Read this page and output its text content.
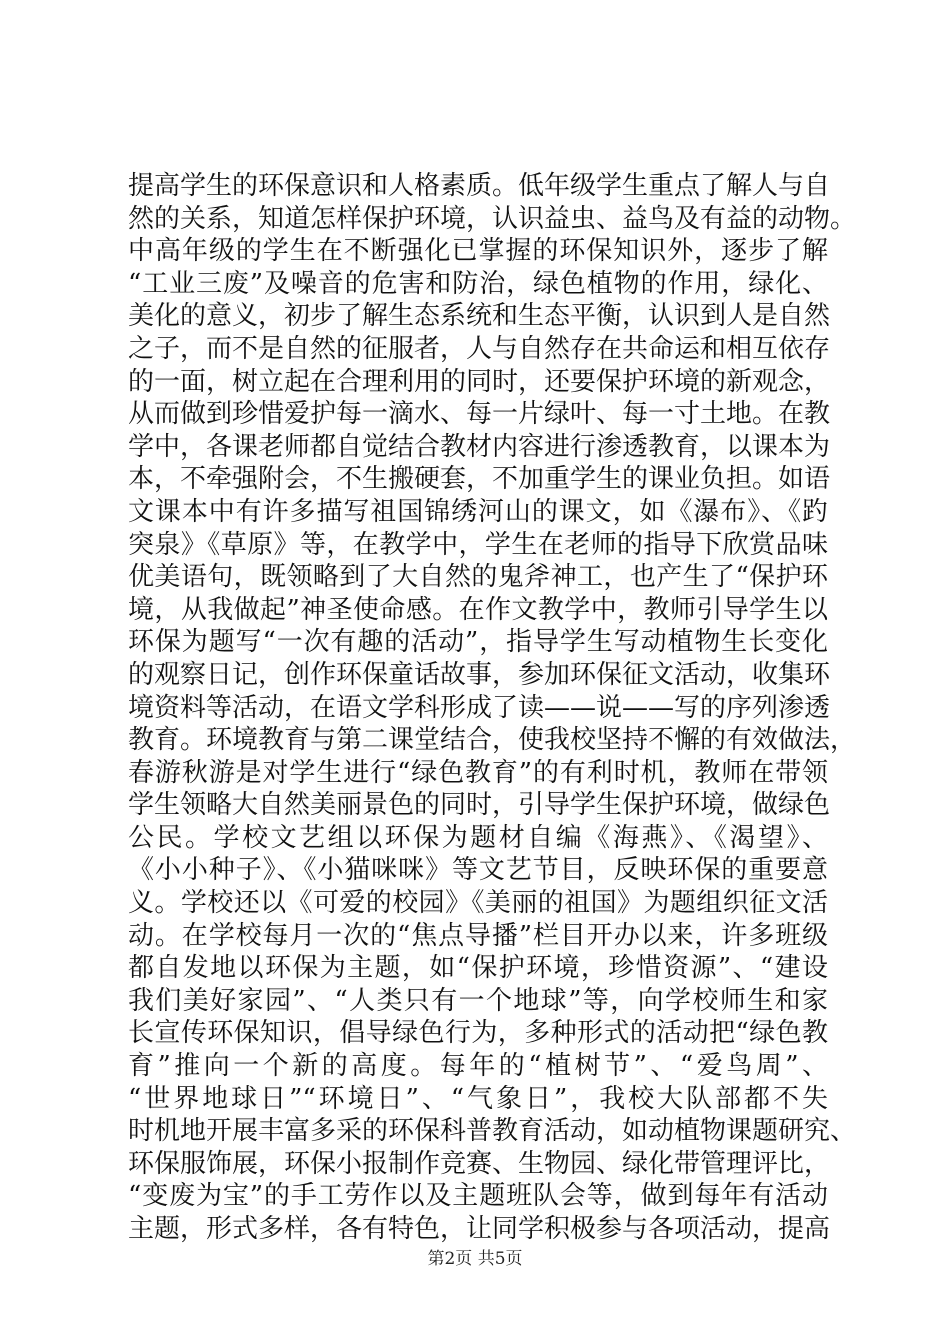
提高学生的环保意识和人格素质。低年级学生重点了解人与自
然的关系，知道怎样保护环境，认识益虫、益鸟及有益的动物。
中高年级的学生在不断强化已掌握的环保知识外，逐步了解
“工业三废”及噪音的危害和防治，绿色植物的作用，绿化、
美化的意义，初步了解生态系统和生态平衡，认识到人是自然
之子，而不是自然的征服者，人与自然存在共命运和相互依存
的一面，树立起在合理利用的同时，还要保护环境的新观念，
从而做到珍惜爱护每一滴水、每一片绿叶、每一寸土地。在教
学中，各课老师都自觉结合教材内容进行渗透教育，以课本为
本，不牵强附会，不生搬硬套，不加重学生的课业负担。如语
文课本中有许多描写祖国锦绣河山的课文，如《瀑布》、《趵
突泉》《草原》等，在教学中，学生在老师的指导下欣赏品味
优美语句，既领略到了大自然的鬼斧神工，也产生了“保护环
境，从我做起”神圣使命感。在作文教学中，教师引导学生以
环保为题写“一次有趣的活动”，指导学生写动植物生长变化
的观察日记，创作环保童话故事，参加环保征文活动，收集环
境资料等活动，在语文学科形成了读——说——写的序列渗透
教育。环境教育与第二课堂结合，使我校坚持不懈的有效做法，
春游秋游是对学生进行“绿色教育”的有利时机，教师在带领
学生领略大自然美丽景色的同时，引导学生保护环境，做绿色
公民。学校文艺组以环保为题材自编《海燕》、《渴望》、
《小小种子》、《小猫咪咪》等文艺节目，反映环保的重要意
义。学校还以《可爱的校园》《美丽的祖国》为题组织征文活
动。在学校每月一次的“焦点导播”栏目开办以来，许多班级
都自发地以环保为主题，如“保护环境，珍惜资源”、“建设
我们美好家园”、“人类只有一个地球”等，向学校师生和家
长宣传环保知识，倡导绿色行为，多种形式的活动把“绿色教
育”推向一个新的高度。每年的“植树节”、“爱鸟周”、
“世界地球日”“环境日”、“气象日”，我校大队部都不失
时机地开展丰富多采的环保科普教育活动，如动植物课题研究、
环保服饰展，环保小报制作竞赛、生物园、绿化带管理评比，
“变废为宝”的手工劳作以及主题班队会等，做到每年有活动
主题，形式多样，各有特色，让同学积极参与各项活动，提高
第2页 共5页
